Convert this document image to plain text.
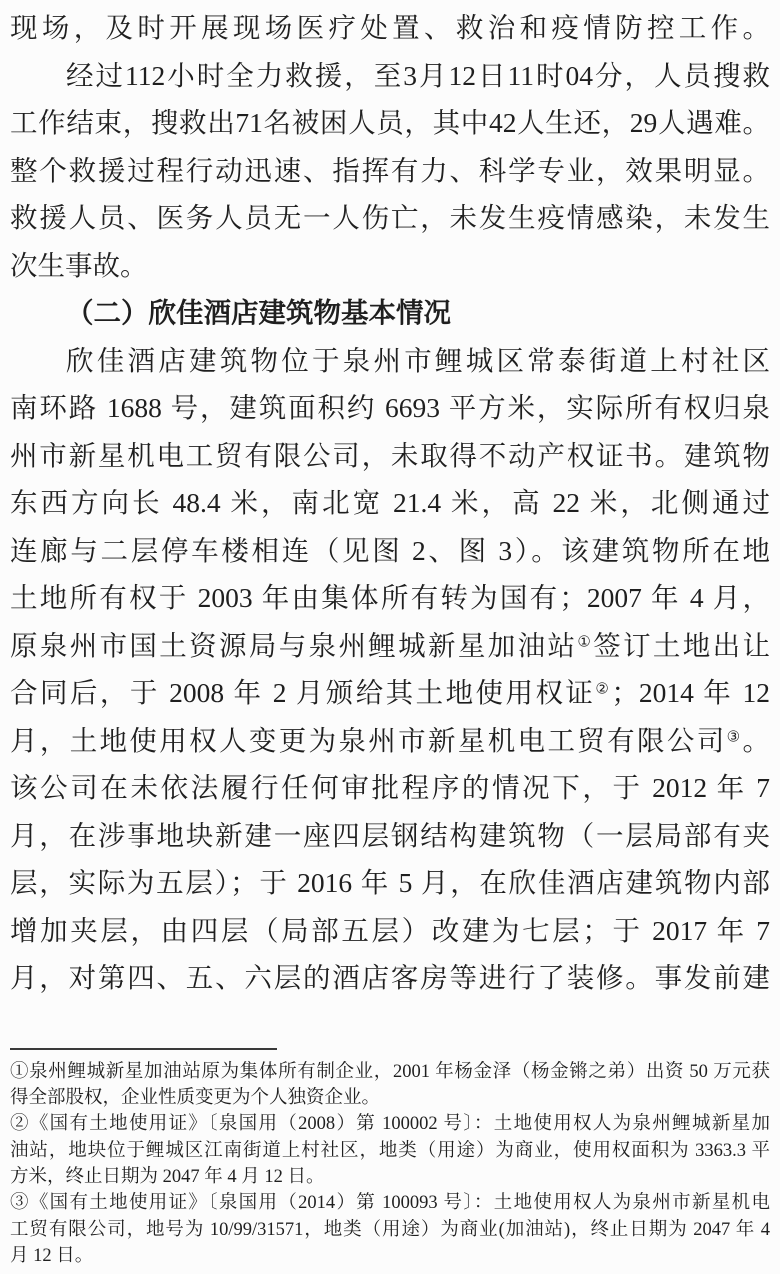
现场，及时开展现场医疗处置、救治和疫情防控工作。
经过112小时全力救援，至3月12日11时04分，人员搜救
工作结束，搜救出71名被困人员，其中42人生还，29人遇难。
整个救援过程行动迅速、指挥有力、科学专业，效果明显。
救援人员、医务人员无一人伤亡，未发生疫情感染，未发生
次生事故。
（二）欣佳酒店建筑物基本情况
欣佳酒店建筑物位于泉州市鲤城区常泰街道上村社区
南环路 1688 号，建筑面积约 6693 平方米，实际所有权归泉
州市新星机电工贸有限公司，未取得不动产权证书。建筑物
东西方向长 48.4 米，南北宽 21.4 米，高 22 米，北侧通过
连廊与二层停车楼相连（见图 2、图 3）。该建筑物所在地
土地所有权于 2003 年由集体所有转为国有；2007 年 4 月，
原泉州市国土资源局与泉州鲤城新星加油站①签订土地出让
合同后，于 2008 年 2 月颁给其土地使用权证②；2014 年 12
月，土地使用权人变更为泉州市新星机电工贸有限公司③。
该公司在未依法履行任何审批程序的情况下，于 2012 年 7
月，在涉事地块新建一座四层钢结构建筑物（一层局部有夹
层，实际为五层）；于 2016 年 5 月，在欣佳酒店建筑物内部
增加夹层，由四层（局部五层）改建为七层；于 2017 年 7
月，对第四、五、六层的酒店客房等进行了装修。事发前建
①泉州鲤城新星加油站原为集体所有制企业，2001 年杨金泽（杨金锵之弟）出资 50 万元获
得全部股权，企业性质变更为个人独资企业。
②《国有土地使用证》〔泉国用（2008）第 100002 号〕：土地使用权人为泉州鲤城新星加
油站，地块位于鲤城区江南街道上村社区，地类（用途）为商业，使用权面积为 3363.3 平
方米，终止日期为 2047 年 4 月 12 日。
③《国有土地使用证》〔泉国用（2014）第 100093 号〕：土地使用权人为泉州市新星机电
工贸有限公司，地号为 10/99/31571，地类（用途）为商业(加油站)，终止日期为 2047 年 4
月 12 日。
